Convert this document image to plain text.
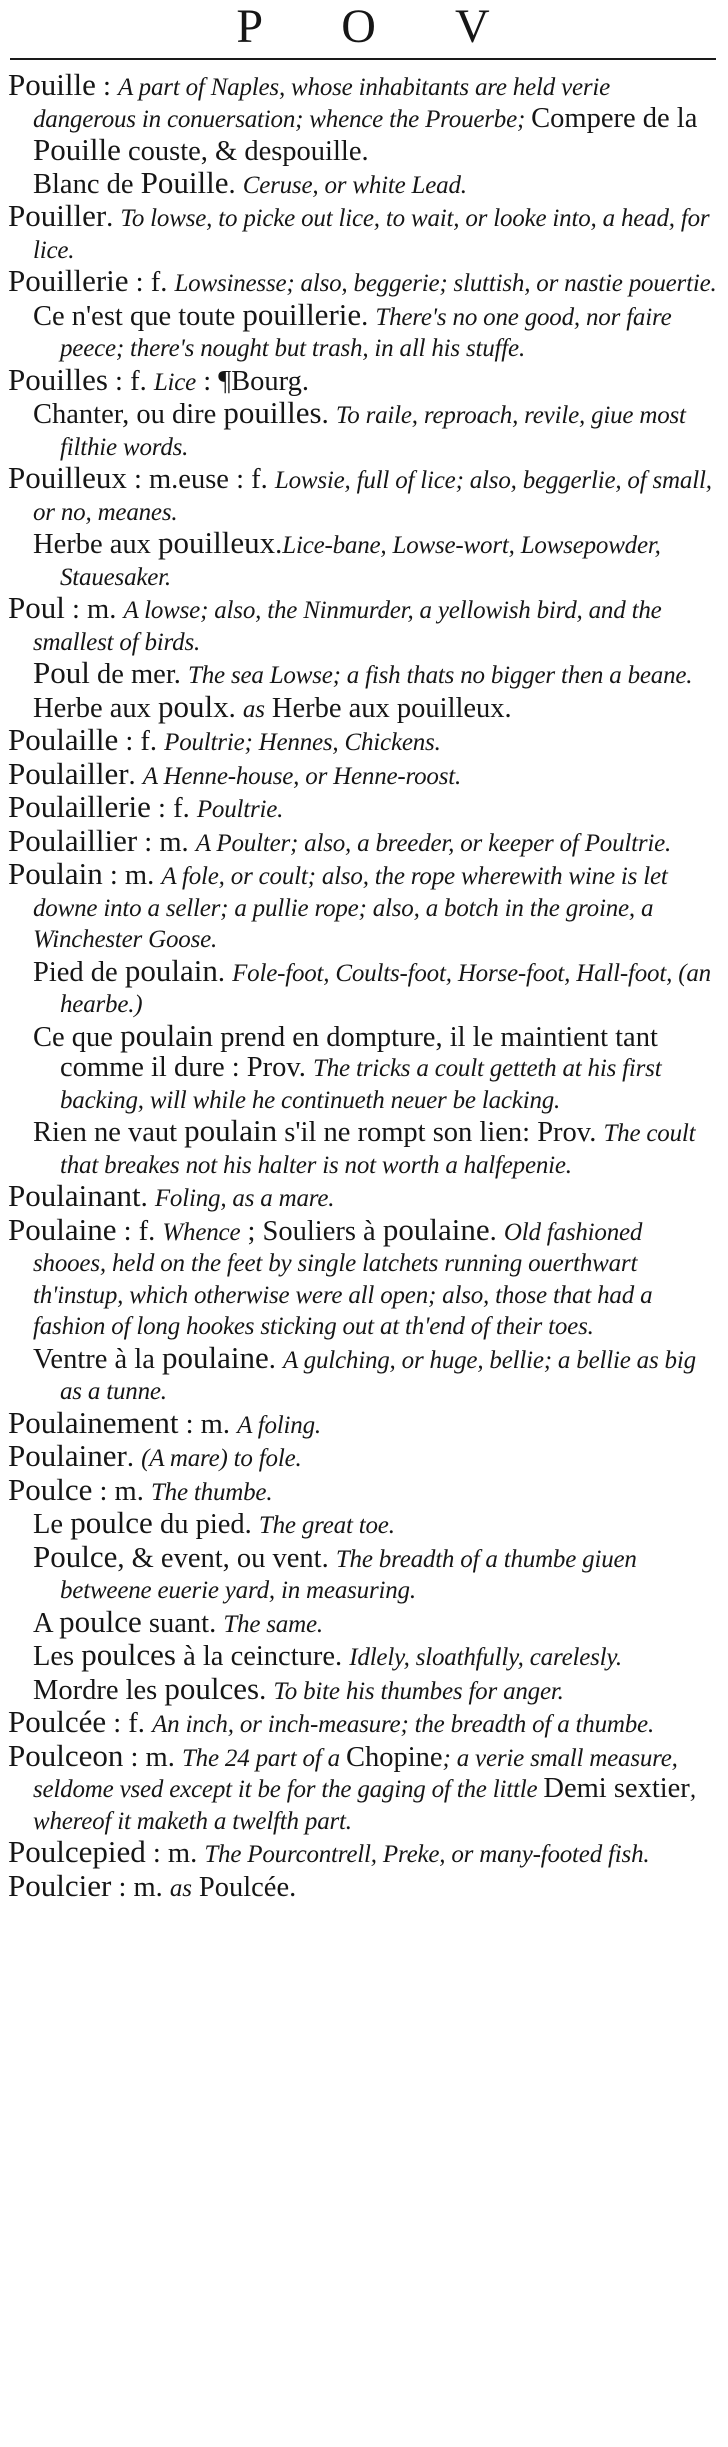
P O V

Pouille : A part of Naples, whose inhabitants are held verie dangerous in conuersation; whence the Prouerbe; Compere de la Pouille couste, & despouille.

Blanc de Pouille. Ceruse, or white Lead.

Pouiller. To lowse, to picke out lice, to wait, or looke into, a head, for lice.

Pouillerie : f. Lowsinesse; also, beggerie; sluttish, or nastie pouertie.

Ce n'est que toute pouillerie. There's no one good, nor faire peece; there's nought but trash, in all his stuffe.

Pouilles : f. Lice : ¶Bourg.

Chanter, ou dire pouilles. To raile, reproach, revile, giue most filthie words.

Pouilleux : m.euse : f. Lowsie, full of lice; also, beggerlie, of small, or no, meanes.

Herbe aux pouilleux.Lice-bane, Lowse-wort, Lowsepowder, Stauesaker.

Poul : m. A lowse; also, the Ninmurder, a yellowish bird, and the smallest of birds.

Poul de mer. The sea Lowse; a fish thats no bigger then a beane.

Herbe aux poulx. as Herbe aux pouilleux.

Poulaille : f. Poultrie; Hennes, Chickens.

Poulailler. A Henne-house, or Henne-roost.

Poulaillerie : f. Poultrie.

Poulaillier : m. A Poulter; also, a breeder, or keeper of Poultrie.

Poulain : m. A fole, or coult; also, the rope wherewith wine is let downe into a seller; a pullie rope; also, a botch in the groine, a Winchester Goose.

Pied de poulain. Fole-foot, Coults-foot, Horse-foot, Hall-foot, (an hearbe.)

Ce que poulain prend en dompture, il le maintient tant comme il dure : Prov. The tricks a coult getteth at his first backing, will while he continueth neuer be lacking.

Rien ne vaut poulain s'il ne rompt son lien: Prov. The coult that breakes not his halter is not worth a halfepenie.

Poulainant. Foling, as a mare.

Poulaine : f. Whence ; Souliers à poulaine. Old fashioned shooes, held on the feet by single latchets running ouerthwart th'instup, which otherwise were all open; also, those that had a fashion of long hookes sticking out at th'end of their toes.

Ventre à la poulaine. A gulching, or huge, bellie; a bellie as big as a tunne.

Poulainement : m. A foling.

Poulainer. (A mare) to fole.

Poulce : m. The thumbe.

Le poulce du pied. The great toe.

Poulce, & event, ou vent. The breadth of a thumbe giuen betweene euerie yard, in measuring.

A poulce suant. The same.

Les poulces à la ceincture. Idlely, sloathfully, carelesly.

Mordre les poulces. To bite his thumbes for anger.

Poulcée : f. An inch, or inch-measure; the breadth of a thumbe.

Poulceon : m. The 24 part of a Chopine; a verie small measure, seldome vsed except it be for the gaging of the little Demi sextier, whereof it maketh a twelfth part.

Poulcepied : m. The Pourcontrell, Preke, or many-footed fish.

Poulcier : m. as Poulcée.
